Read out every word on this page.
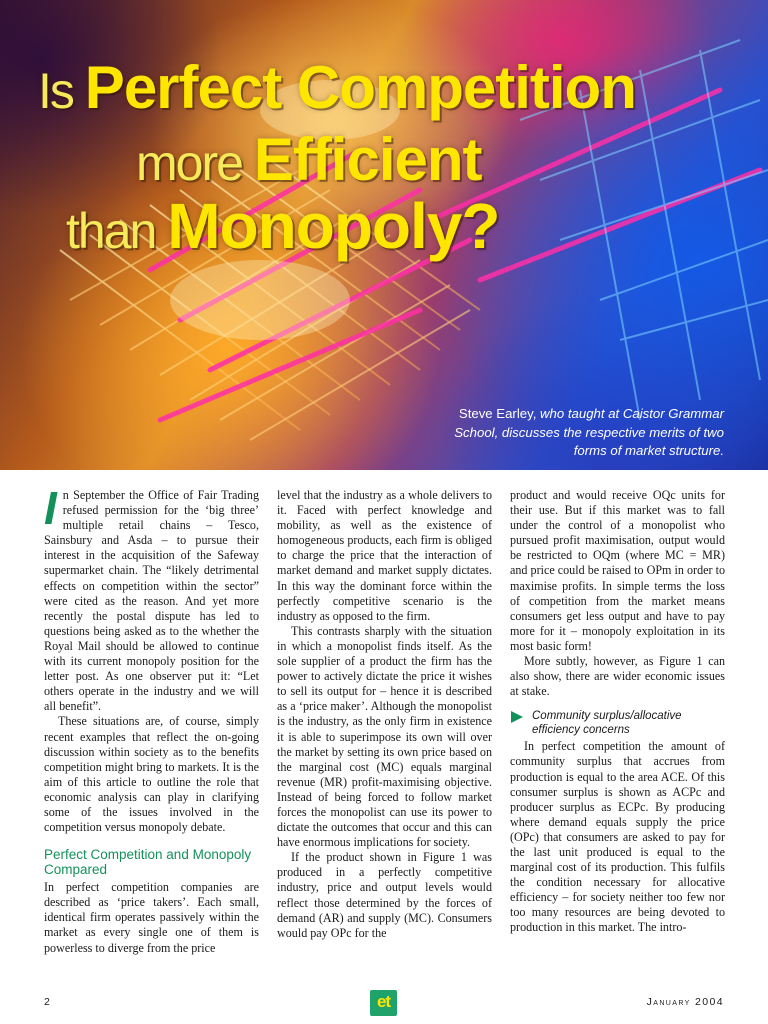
Is Perfect Competition
more Efficient
than Monopoly?
Steve Earley, who taught at Caistor Grammar School, discusses the respective merits of two forms of market structure.

In September the Office of Fair Trading refused permission for the ‘big three’ multiple retail chains – Tesco, Sainsbury and Asda – to pursue their interest in the acquisition of the Safeway supermarket chain. The “likely detrimental effects on competition within the sector” were cited as the reason. And yet more recently the postal dispute has led to questions being asked as to the whether the Royal Mail should be allowed to continue with its current monopoly position for the letter post. As one observer put it: “Let others operate in the industry and we will all benefit”.

These situations are, of course, simply recent examples that reflect the on-going discussion within society as to the benefits competition might bring to markets. It is the aim of this article to outline the role that economic analysis can play in clarifying some of the issues involved in the competition versus monopoly debate.

Perfect Competition and Monopoly Compared

In perfect competition companies are described as ‘price takers’. Each small, identical firm operates passively within the market as every single one of them is powerless to diverge from the price

level that the industry as a whole delivers to it. Faced with perfect knowledge and mobility, as well as the existence of homogeneous products, each firm is obliged to charge the price that the interaction of market demand and market supply dictates. In this way the dominant force within the perfectly competitive scenario is the industry as opposed to the firm.

This contrasts sharply with the situation in which a monopolist finds itself. As the sole supplier of a product the firm has the power to actively dictate the price it wishes to sell its output for – hence it is described as a ‘price maker’. Although the monopolist is the industry, as the only firm in existence it is able to superimpose its own will over the market by setting its own price based on the marginal cost (MC) equals marginal revenue (MR) profit-maximising objective. Instead of being forced to follow market forces the monopolist can use its power to dictate the outcomes that occur and this can have enormous implications for society.

If the product shown in Figure 1 was produced in a perfectly competitive industry, price and output levels would reflect those determined by the forces of demand (AR) and supply (MC). Consumers would pay OPc for the

product and would receive OQc units for their use. But if this market was to fall under the control of a monopolist who pursued profit maximisation, output would be restricted to OQm (where MC = MR) and price could be raised to OPm in order to maximise profits. In simple terms the loss of competition from the market means consumers get less output and have to pay more for it – monopoly exploitation in its most basic form!

More subtly, however, as Figure 1 can also show, there are wider economic issues at stake.

Community surplus/allocative efficiency concerns

In perfect competition the amount of community surplus that accrues from production is equal to the area ACE. Of this consumer surplus is shown as ACPc and producer surplus as ECPc. By producing where demand equals supply the price (OPc) that consumers are asked to pay for the last unit produced is equal to the marginal cost of its production. This fulfils the condition necessary for allocative efficiency – for society neither too few nor too many resources are being devoted to production in this market. The intro-

2	et	January 2004
